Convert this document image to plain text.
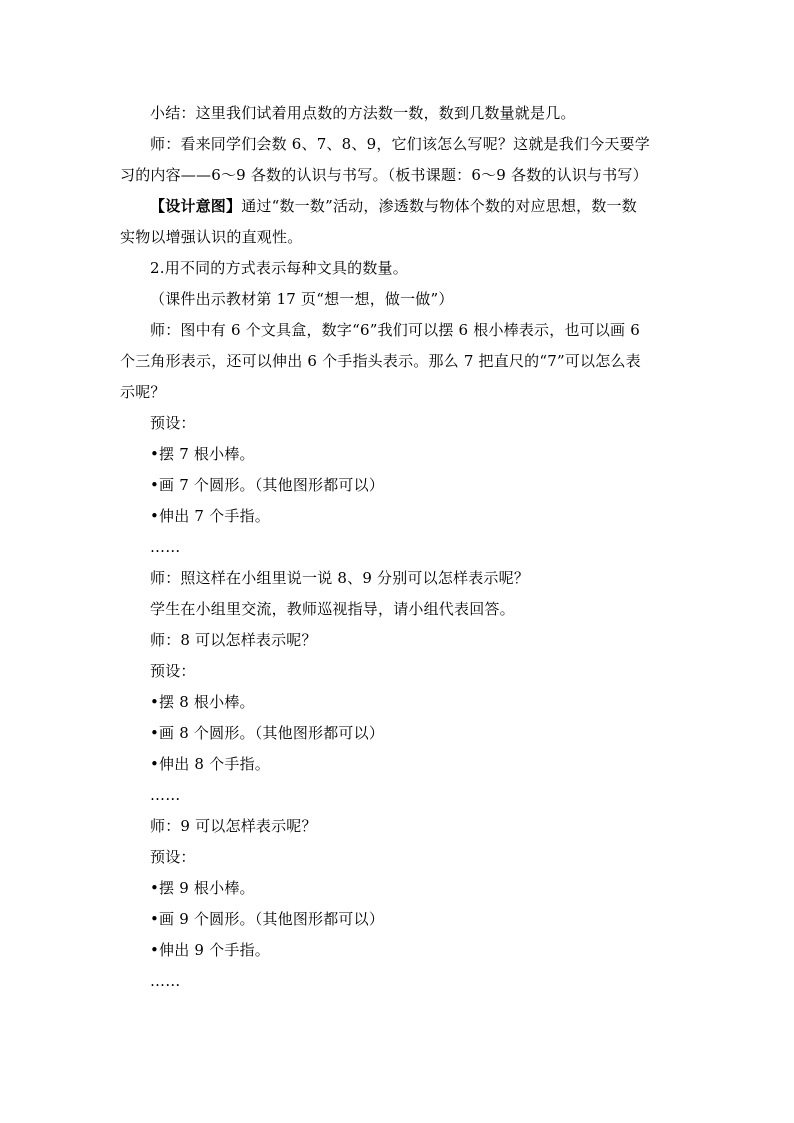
小结：这里我们试着用点数的方法数一数，数到几数量就是几。
师：看来同学们会数 6、7、8、9，它们该怎么写呢？这就是我们今天要学
习的内容——6～9 各数的认识与书写。（板书课题：6～9 各数的认识与书写）
【设计意图】通过“数一数”活动，渗透数与物体个数的对应思想，数一数
实物以增强认识的直观性。
2.用不同的方式表示每种文具的数量。
（课件出示教材第 17 页“想一想，做一做”）
师：图中有 6 个文具盒，数字“6”我们可以摆 6 根小棒表示，也可以画 6
个三角形表示，还可以伸出 6 个手指头表示。那么 7 把直尺的“7”可以怎么表
示呢？
预设：
•摆 7 根小棒。
•画 7 个圆形。（其他图形都可以）
•伸出 7 个手指。
……
师：照这样在小组里说一说 8、9 分别可以怎样表示呢？
学生在小组里交流，教师巡视指导，请小组代表回答。
师：8 可以怎样表示呢？
预设：
•摆 8 根小棒。
•画 8 个圆形。（其他图形都可以）
•伸出 8 个手指。
……
师：9 可以怎样表示呢？
预设：
•摆 9 根小棒。
•画 9 个圆形。（其他图形都可以）
•伸出 9 个手指。
……
